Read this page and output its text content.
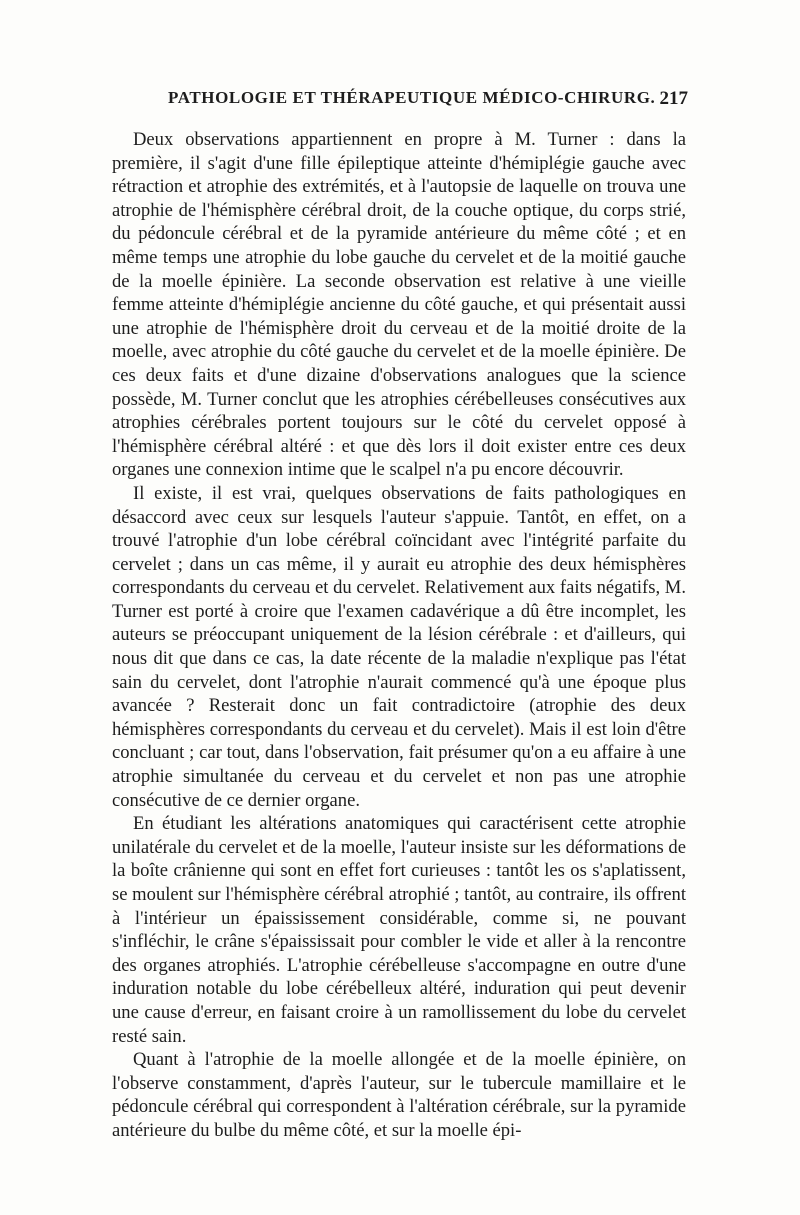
PATHOLOGIE ET THÉRAPEUTIQUE MÉDICO-CHIRURG. 217

Deux observations appartiennent en propre à M. Turner : dans la première, il s'agit d'une fille épileptique atteinte d'hémiplégie gauche avec rétraction et atrophie des extrémités, et à l'autopsie de laquelle on trouva une atrophie de l'hémisphère cérébral droit, de la couche optique, du corps strié, du pédoncule cérébral et de la pyramide antérieure du même côté ; et en même temps une atrophie du lobe gauche du cervelet et de la moitié gauche de la moelle épinière. La seconde observation est relative à une vieille femme atteinte d'hémiplégie ancienne du côté gauche, et qui présentait aussi une atrophie de l'hémisphère droit du cerveau et de la moitié droite de la moelle, avec atrophie du côté gauche du cervelet et de la moelle épinière. De ces deux faits et d'une dizaine d'observations analogues que la science possède, M. Turner conclut que les atrophies cérébelleuses consécutives aux atrophies cérébrales portent toujours sur le côté du cervelet opposé à l'hémisphère cérébral altéré : et que dès lors il doit exister entre ces deux organes une connexion intime que le scalpel n'a pu encore découvrir.

Il existe, il est vrai, quelques observations de faits pathologiques en désaccord avec ceux sur lesquels l'auteur s'appuie. Tantôt, en effet, on a trouvé l'atrophie d'un lobe cérébral coïncidant avec l'intégrité parfaite du cervelet ; dans un cas même, il y aurait eu atrophie des deux hémisphères correspondants du cerveau et du cervelet. Relativement aux faits négatifs, M. Turner est porté à croire que l'examen cadavérique a dû être incomplet, les auteurs se préoccupant uniquement de la lésion cérébrale : et d'ailleurs, qui nous dit que dans ce cas, la date récente de la maladie n'explique pas l'état sain du cervelet, dont l'atrophie n'aurait commencé qu'à une époque plus avancée ? Resterait donc un fait contradictoire (atrophie des deux hémisphères correspondants du cerveau et du cervelet). Mais il est loin d'être concluant ; car tout, dans l'observation, fait présumer qu'on a eu affaire à une atrophie simultanée du cerveau et du cervelet et non pas une atrophie consécutive de ce dernier organe.

En étudiant les altérations anatomiques qui caractérisent cette atrophie unilatérale du cervelet et de la moelle, l'auteur insiste sur les déformations de la boîte crânienne qui sont en effet fort curieuses : tantôt les os s'aplatissent, se moulent sur l'hémisphère cérébral atrophié ; tantôt, au contraire, ils offrent à l'intérieur un épaississement considérable, comme si, ne pouvant s'infléchir, le crâne s'épaississait pour combler le vide et aller à la rencontre des organes atrophiés. L'atrophie cérébelleuse s'accompagne en outre d'une induration notable du lobe cérébelleux altéré, induration qui peut devenir une cause d'erreur, en faisant croire à un ramollissement du lobe du cervelet resté sain.

Quant à l'atrophie de la moelle allongée et de la moelle épinière, on l'observe constamment, d'après l'auteur, sur le tubercule mamillaire et le pédoncule cérébral qui correspondent à l'altération cérébrale, sur la pyramide antérieure du bulbe du même côté, et sur la moelle épi-
